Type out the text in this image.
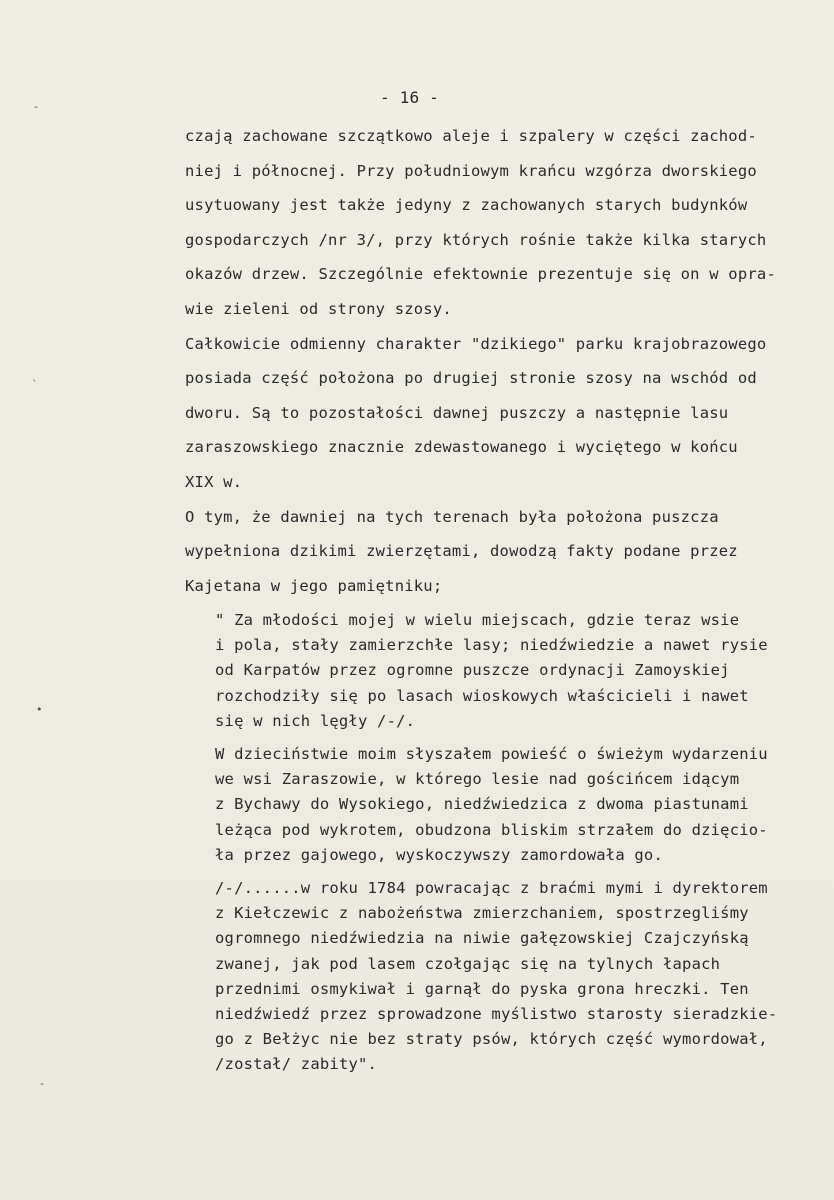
-
`
•
-
- 16 -
czają zachowane szczątkowo aleje i szpalery w części zachod-
niej i północnej. Przy południowym krańcu wzgórza dworskiego
usytuowany jest także jedyny z zachowanych starych budynków
gospodarczych /nr 3/, przy których rośnie także kilka starych
okazów drzew. Szczególnie efektownie prezentuje się on w opra-
wie zieleni od strony szosy.
Całkowicie odmienny charakter "dzikiego" parku krajobrazowego
posiada część położona po drugiej stronie szosy na wschód od
dworu. Są to pozostałości dawnej puszczy a następnie lasu
zaraszowskiego znacznie zdewastowanego i wyciętego w końcu
XIX w.
O tym, że dawniej na tych terenach była położona puszcza
wypełniona dzikimi zwierzętami, dowodzą fakty podane przez
Kajetana w jego pamiętniku;
" Za młodości mojej w wielu miejscach, gdzie teraz wsie
i pola, stały zamierzchłe lasy; niedźwiedzie a nawet rysie
od Karpatów przez ogromne puszcze ordynacji Zamoyskiej
rozchodziły się po lasach wioskowych właścicieli i nawet
się w nich lęgły /-/.
W dzieciństwie moim słyszałem powieść o świeżym wydarzeniu
we wsi Zaraszowie, w którego lesie nad gościńcem idącym
z Bychawy do Wysokiego, niedźwiedzica z dwoma piastunami
leżąca pod wykrotem, obudzona bliskim strzałem do dzięcio-
ła przez gajowego, wyskoczywszy zamordowała go.
/-/......w roku 1784 powracając z braćmi mymi i dyrektorem
z Kiełczewic z nabożeństwa zmierzchaniem, spostrzegliśmy
ogromnego niedźwiedzia na niwie gałęzowskiej Czajczyńską
zwanej, jak pod lasem czołgając się na tylnych łapach
przednimi osmykiwał i garnął do pyska grona hreczki. Ten
niedźwiedź przez sprowadzone myślistwo starosty sieradzkie-
go z Bełżyc nie bez straty psów, których część wymordował,
/został/ zabity".
